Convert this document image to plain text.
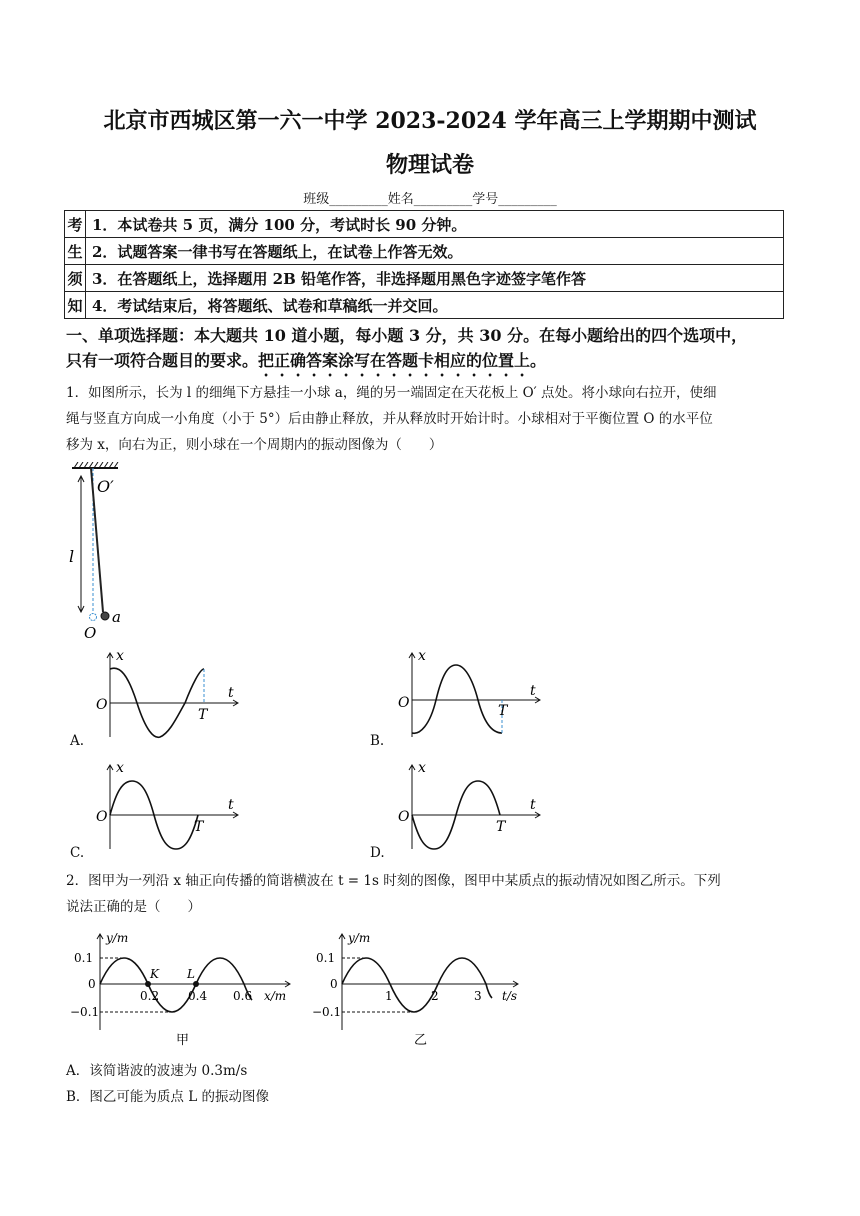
北京市西城区第一六一中学 2023-2024 学年高三上学期期中测试
物理试卷
班级_________姓名_________学号_________
考	1．本试卷共 5 页，满分 100 分，考试时长 90 分钟。
生	2．试题答案一律书写在答题纸上，在试卷上作答无效。
须	3．在答题纸上，选择题用 2B 铅笔作答，非选择题用黑色字迹签字笔作答
知	4．考试结束后，将答题纸、试卷和草稿纸一并交回。
一、单项选择题：本大题共 10 道小题，每小题 3 分，共 30 分。在每小题给出的四个选项中，
只有一项符合题目的要求。把正确答案涂写在答题卡相应的位置上。
1．如图所示，长为 l 的细绳下方悬挂一小球 a，绳的另一端固定在天花板上 O′ 点处。将小球向右拉开，使细
绳与竖直方向成一小角度（小于 5°）后由静止释放，并从释放时开始计时。小球相对于平衡位置 O 的水平位
移为 x，向右为正，则小球在一个周期内的振动图像为（　　）
O′
l
O
a
A.
x
O
t
T
B.
x
O
t
T
C.
x
O
t
T
D.
x
O
t
T
2．图甲为一列沿 x 轴正向传播的简谐横波在 t = 1s 时刻的图像，图甲中某质点的振动情况如图乙所示。下列
说法正确的是（　　）
0.1
0
−0.1
0.2 0.4 0.6
K L
y/m
x/m
甲
0.1
0
−0.1
1	2	3
y/m
t/s
乙
A．该简谐波的波速为 0.3m/s
B．图乙可能为质点 L 的振动图像
